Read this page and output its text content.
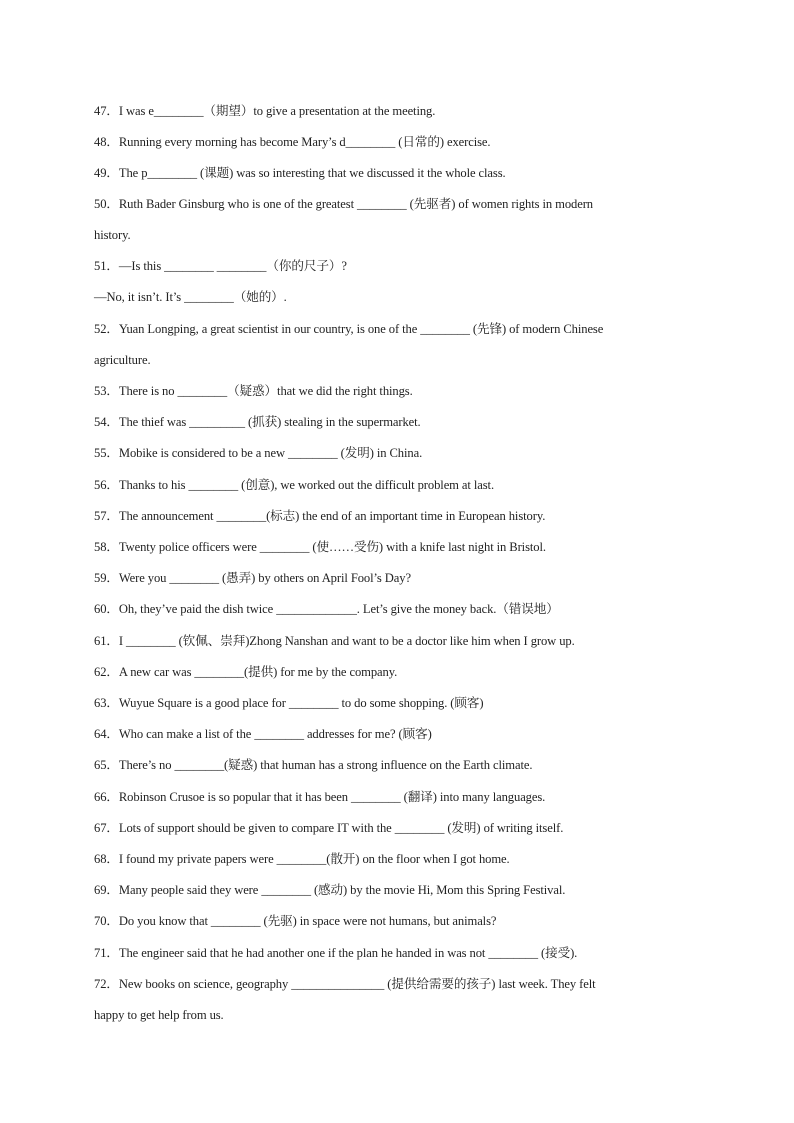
47．I was e________（期望）to give a presentation at the meeting.
48．Running every morning has become Mary’s d________ (日常的) exercise.
49．The p________ (课题) was so interesting that we discussed it the whole class.
50．Ruth Bader Ginsburg who is one of the greatest ________ (先驱者) of women rights in modern
history.
51．—Is this ________ ________（你的尺子）?
—No, it isn’t. It’s ________（她的）.
52．Yuan Longping, a great scientist in our country, is one of the ________ (先锋) of modern Chinese
agriculture.
53．There is no ________（疑惑）that we did the right things.
54．The thief was _________ (抓获) stealing in the supermarket.
55．Mobike is considered to be a new ________ (发明) in China.
56．Thanks to his ________ (创意), we worked out the difficult problem at last.
57．The announcement ________(标志) the end of an important time in European history.
58．Twenty police officers were ________ (使……受伤) with a knife last night in Bristol.
59．Were you ________ (愚弄) by others on April Fool’s Day?
60．Oh, they’ve paid the dish twice _____________. Let’s give the money back.（错误地）
61．I ________ (钦佩、崇拜)Zhong Nanshan and want to be a doctor like him when I grow up.
62．A new car was ________(提供) for me by the company.
63．Wuyue Square is a good place for ________ to do some shopping. (顾客)
64．Who can make a list of the ________ addresses for me? (顾客)
65．There’s no ________(疑惑) that human has a strong influence on the Earth climate.
66．Robinson Crusoe is so popular that it has been ________ (翻译) into many languages.
67．Lots of support should be given to compare IT with the ________ (发明) of writing itself.
68．I found my private papers were ________(散开) on the floor when I got home.
69．Many people said they were ________ (感动) by the movie Hi, Mom this Spring Festival.
70．Do you know that ________ (先驱) in space were not humans, but animals?
71．The engineer said that he had another one if the plan he handed in was not ________ (接受).
72．New books on science, geography _______________ (提供给需要的孩子) last week. They felt
happy to get help from us.
